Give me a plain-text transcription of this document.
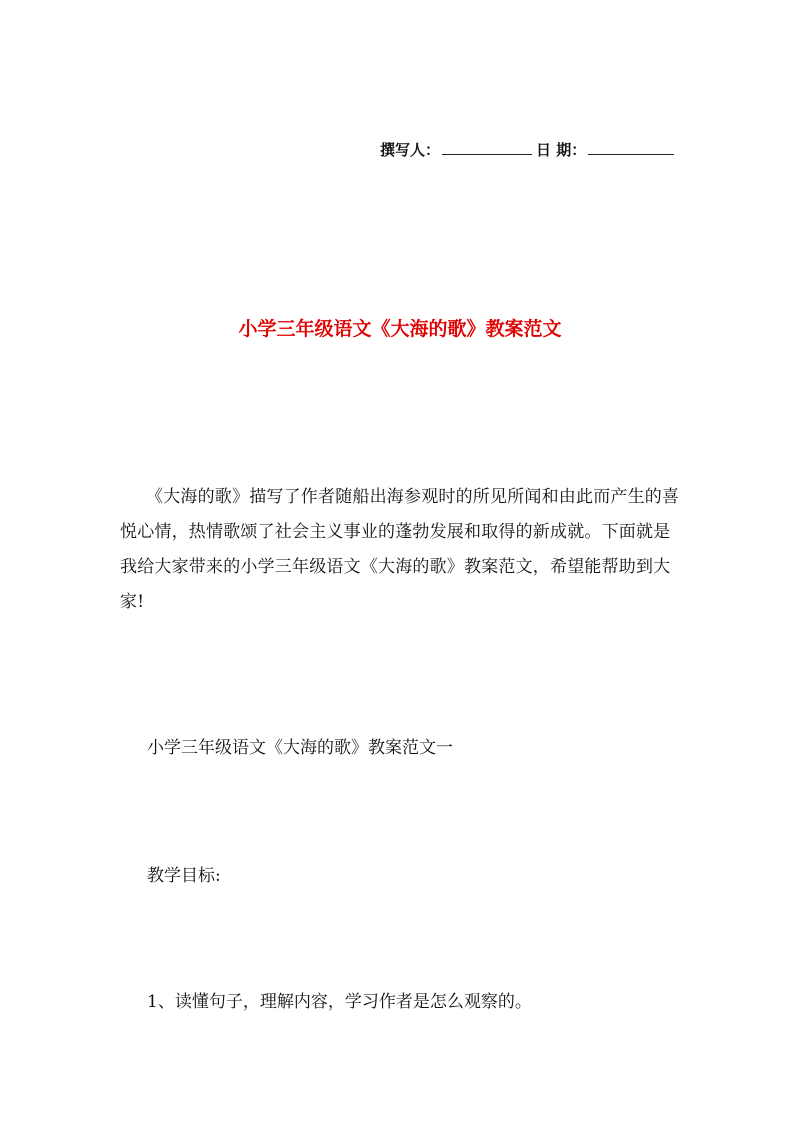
撰写人：	日 期：
小学三年级语文《大海的歌》教案范文

《大海的歌》描写了作者随船出海参观时的所见所闻和由此而产生的喜悦心情，热情歌颂了社会主义事业的蓬勃发展和取得的新成就。下面就是我给大家带来的小学三年级语文《大海的歌》教案范文，希望能帮助到大家!

小学三年级语文《大海的歌》教案范文一

教学目标:

1、读懂句子，理解内容，学习作者是怎么观察的。
